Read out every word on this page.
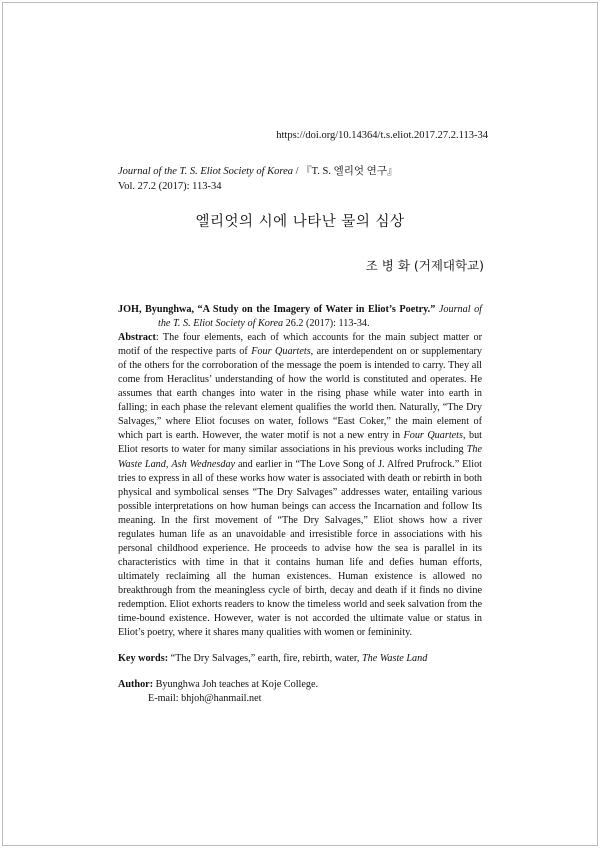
https://doi.org/10.14364/t.s.eliot.2017.27.2.113-34
Journal of the T. S. Eliot Society of Korea / 『T. S. 엘리엇 연구』
Vol. 27.2 (2017): 113-34
엘리엇의 시에 나타난 물의 심상
조 병 화 (거제대학교)
JOH, Byunghwa, “A Study on the Imagery of Water in Eliot’s Poetry.” Journal of the T. S. Eliot Society of Korea 26.2 (2017): 113-34.
Abstract: The four elements, each of which accounts for the main subject matter or motif of the respective parts of Four Quartets, are interdependent on or supplementary of the others for the corroboration of the message the poem is intended to carry. They all come from Heraclitus’ understanding of how the world is constituted and operates. He assumes that earth changes into water in the rising phase while water into earth in falling; in each phase the relevant element qualifies the world then. Naturally, “The Dry Salvages,” where Eliot focuses on water, follows “East Coker,” the main element of which part is earth. However, the water motif is not a new entry in Four Quartets, but Eliot resorts to water for many similar associations in his previous works including The Waste Land, Ash Wednesday and earlier in “The Love Song of J. Alfred Prufrock.” Eliot tries to express in all of these works how water is associated with death or rebirth in both physical and symbolical senses “The Dry Salvages” addresses water, entailing various possible interpretations on how human beings can access the Incarnation and follow Its meaning. In the first movement of “The Dry Salvages,” Eliot shows how a river regulates human life as an unavoidable and irresistible force in associations with his personal childhood experience. He proceeds to advise how the sea is parallel in its characteristics with time in that it contains human life and defies human efforts, ultimately reclaiming all the human existences. Human existence is allowed no breakthrough from the meaningless cycle of birth, decay and death if it finds no divine redemption. Eliot exhorts readers to know the timeless world and seek salvation from the time-bound existence. However, water is not accorded the ultimate value or status in Eliot’s poetry, where it shares many qualities with women or femininity.
Key words: “The Dry Salvages,” earth, fire, rebirth, water, The Waste Land
Author: Byunghwa Joh teaches at Koje College.
E-mail: bhjoh@hanmail.net
